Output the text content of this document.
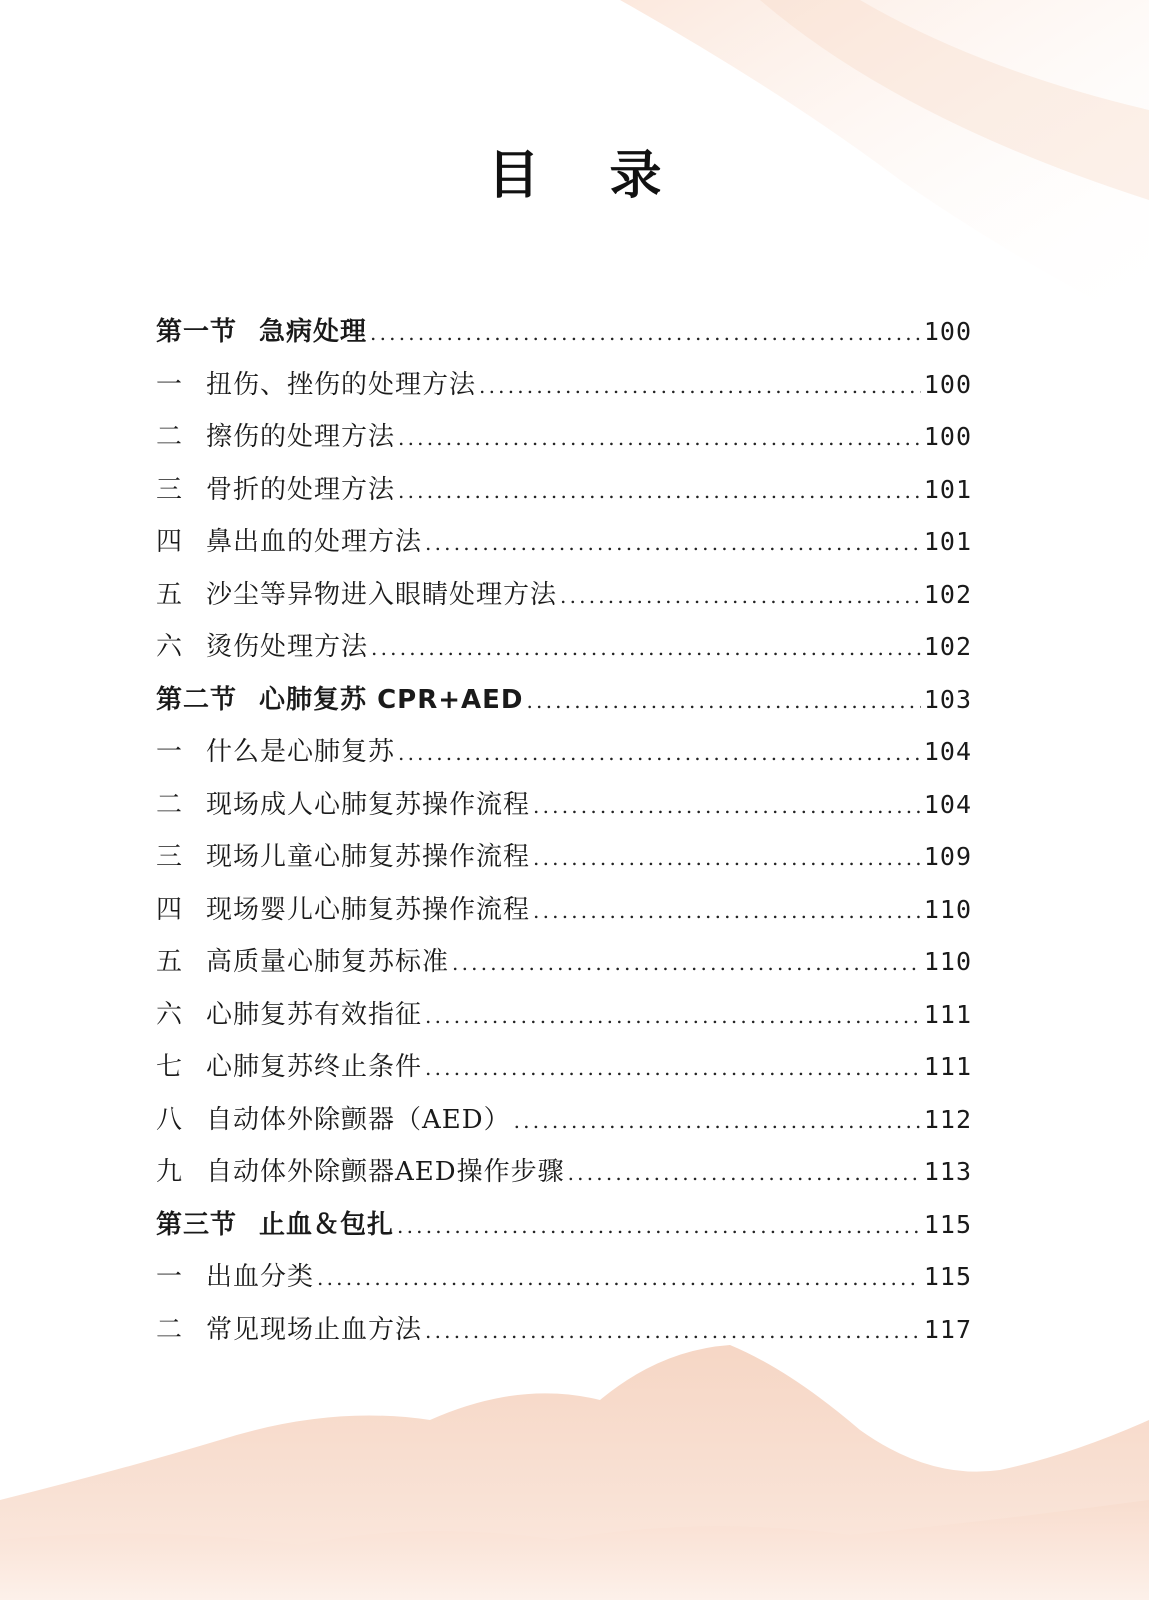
目 录
第一节 急病处理 .....	100
一 扭伤、挫伤的处理方法 .....	100
二 擦伤的处理方法 .....	100
三 骨折的处理方法 .....	101
四 鼻出血的处理方法 .....	101
五 沙尘等异物进入眼睛处理方法 .....	102
六 烫伤处理方法 .....	102
第二节 心肺复苏 CPR+AED .....	103
一 什么是心肺复苏 .....	104
二 现场成人心肺复苏操作流程 .....	104
三 现场儿童心肺复苏操作流程 .....	109
四 现场婴儿心肺复苏操作流程 .....	110
五 高质量心肺复苏标准 .....	110
六 心肺复苏有效指征 .....	111
七 心肺复苏终止条件 .....	111
八 自动体外除颤器（AED） .....	112
九 自动体外除颤器AED操作步骤 .....	113
第三节 止血＆包扎 .....	115
一 出血分类 .....	115
二 常见现场止血方法 .....	117
